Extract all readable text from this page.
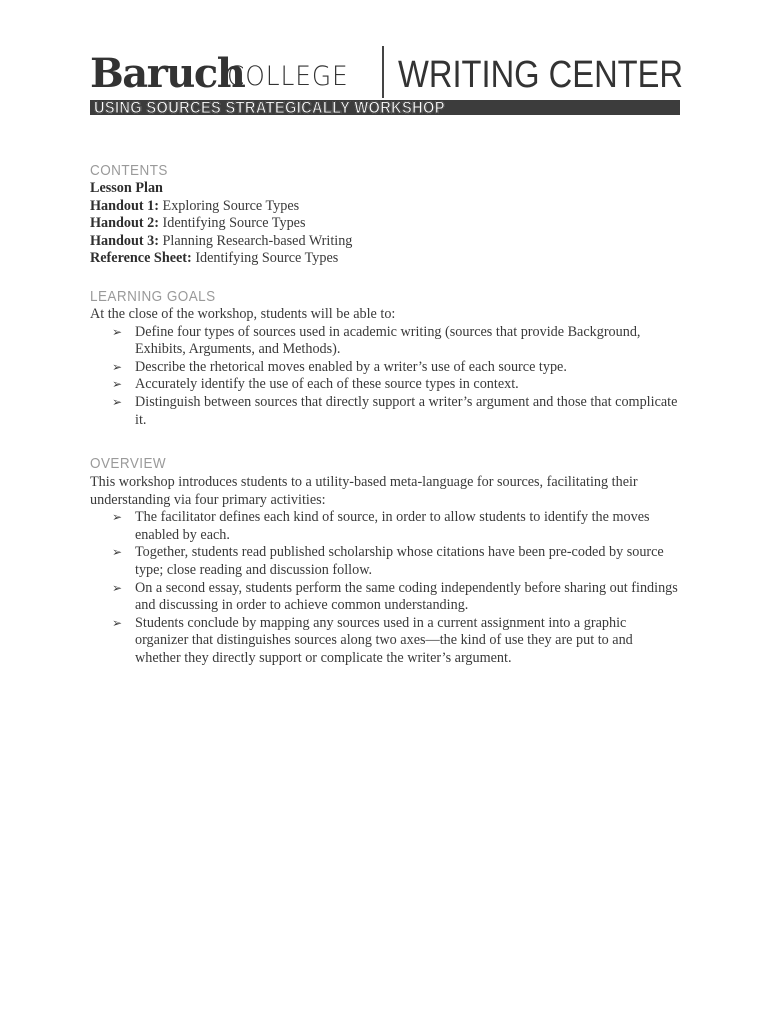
Baruch
COLLEGE WRITING CENTER
USING SOURCES STRATEGICALLY WORKSHOP
CONTENTS
Lesson Plan
Handout 1: Exploring Source Types
Handout 2: Identifying Source Types
Handout 3: Planning Research-based Writing
Reference Sheet: Identifying Source Types
LEARNING GOALS

At the close of the workshop, students will be able to:

➢ Define four types of sources used in academic writing (sources that provide Background, Exhibits, Arguments, and Methods).
➢ Describe the rhetorical moves enabled by a writer’s use of each source type.
➢ Accurately identify the use of each of these source types in context.
➢ Distinguish between sources that directly support a writer’s argument and those that complicate it.
OVERVIEW

This workshop introduces students to a utility-based meta-language for sources, facilitating their understanding via four primary activities:

➢ The facilitator defines each kind of source, in order to allow students to identify the moves enabled by each.
➢ Together, students read published scholarship whose citations have been pre-coded by source type; close reading and discussion follow.
➢ On a second essay, students perform the same coding independently before sharing out findings and discussing in order to achieve common understanding.
➢ Students conclude by mapping any sources used in a current assignment into a graphic organizer that distinguishes sources along two axes—the kind of use they are put to and whether they directly support or complicate the writer’s argument.
